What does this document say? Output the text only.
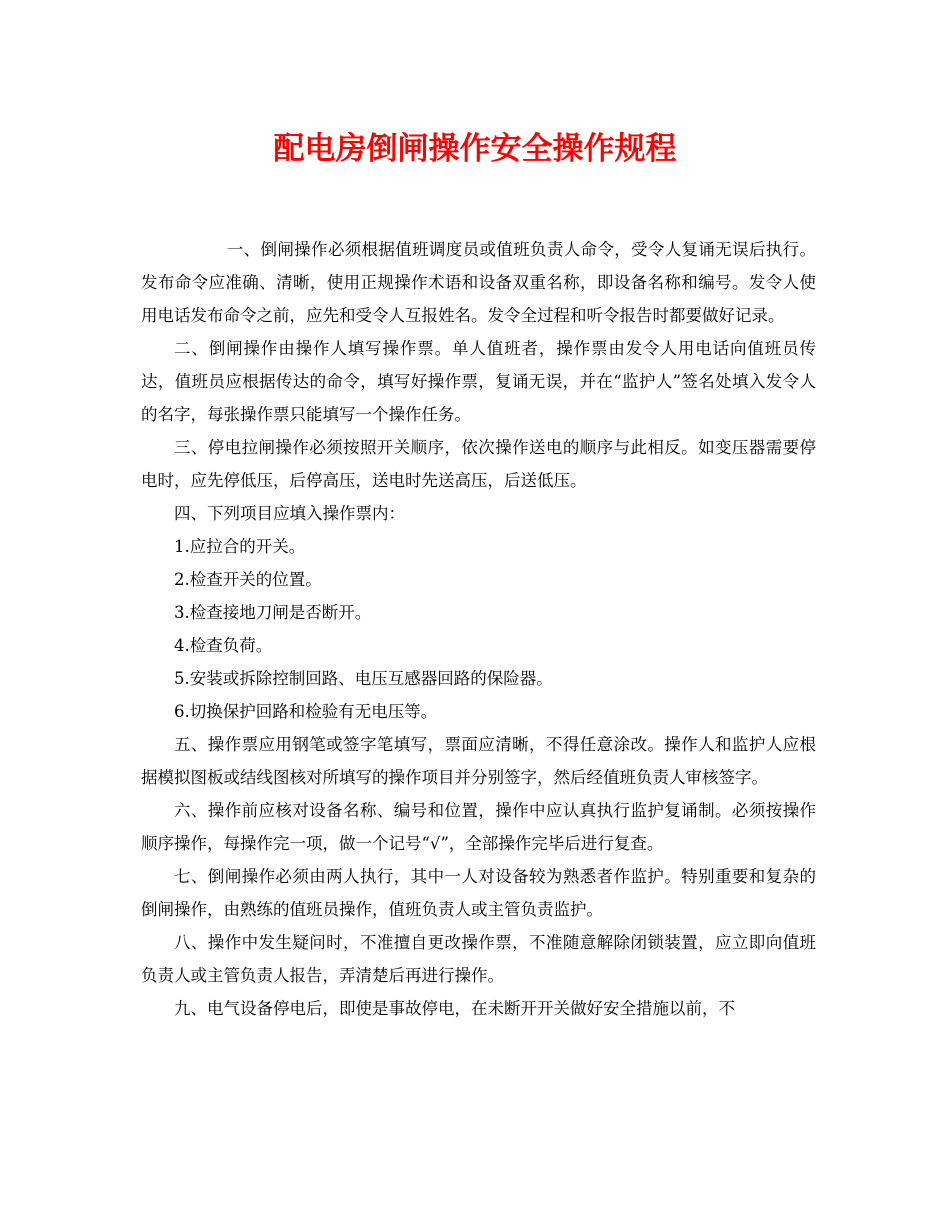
配电房倒闸操作安全操作规程

一、倒闸操作必须根据值班调度员或值班负责人命令，受令人复诵无误后执行。发布命令应准确、清晰，使用正规操作术语和设备双重名称，即设备名称和编号。发令人使用电话发布命令之前，应先和受令人互报姓名。发令全过程和听令报告时都要做好记录。

二、倒闸操作由操作人填写操作票。单人值班者，操作票由发令人用电话向值班员传达，值班员应根据传达的命令，填写好操作票，复诵无误，并在“监护人”签名处填入发令人的名字，每张操作票只能填写一个操作任务。

三、停电拉闸操作必须按照开关顺序，依次操作送电的顺序与此相反。如变压器需要停电时，应先停低压，后停高压，送电时先送高压，后送低压。

四、下列项目应填入操作票内：

1.应拉合的开关。

2.检查开关的位置。

3.检查接地刀闸是否断开。

4.检查负荷。

5.安装或拆除控制回路、电压互感器回路的保险器。

6.切换保护回路和检验有无电压等。

五、操作票应用钢笔或签字笔填写，票面应清晰，不得任意涂改。操作人和监护人应根据模拟图板或结线图核对所填写的操作项目并分别签字，然后经值班负责人审核签字。

六、操作前应核对设备名称、编号和位置，操作中应认真执行监护复诵制。必须按操作顺序操作，每操作完一项，做一个记号“√”，全部操作完毕后进行复查。

七、倒闸操作必须由两人执行，其中一人对设备较为熟悉者作监护。特别重要和复杂的倒闸操作，由熟练的值班员操作，值班负责人或主管负责监护。

八、操作中发生疑问时，不准擅自更改操作票，不准随意解除闭锁装置，应立即向值班负责人或主管负责人报告，弄清楚后再进行操作。

九、电气设备停电后，即使是事故停电，在未断开开关做好安全措施以前，不
